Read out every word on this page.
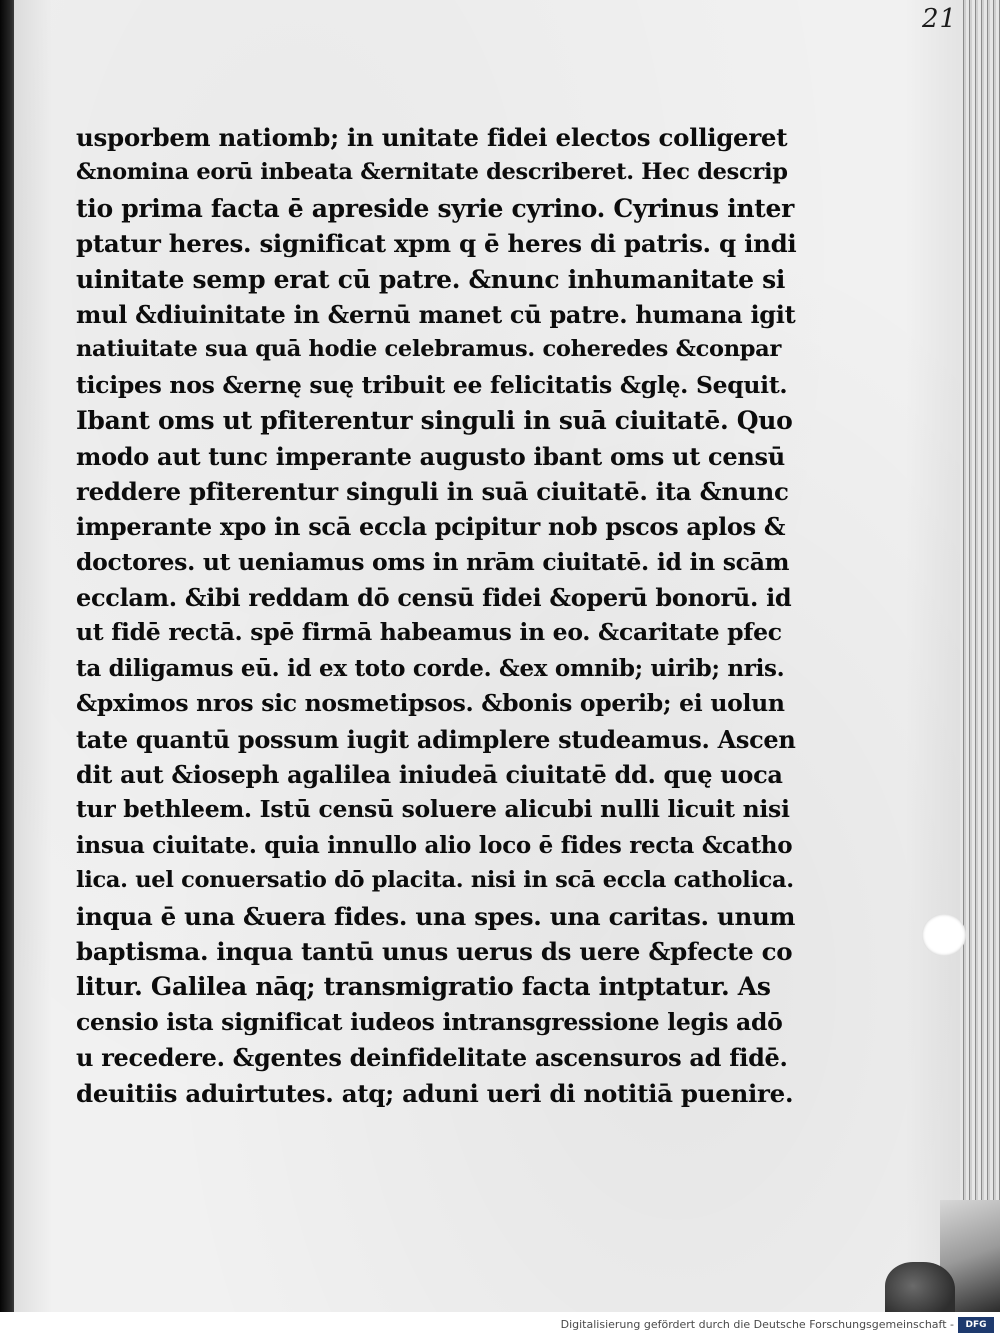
usporbem natiomb; in unitate fidei electos colligeret
&nomina eorū inbeata &ernitate describeret. Hec descrip
tio prima facta ē apreside syrie cyrino. Cyrinus inter
ptatur heres. significat xpm q ē heres di patris. q indi
uinitate semp erat cū patre. &nunc inhumanitate si
mul &diuinitate in &ernū manet cū patre. humana igit
natiuitate sua quā hodie celebramus. coheredes &conpar
ticipes nos &ernę suę tribuit ee felicitatis &glę. Sequit.
Ibant oms ut pfiterentur singuli in suā ciuitatē. Quo
modo aut tunc imperante augusto ibant oms ut censū
reddere pfiterentur singuli in suā ciuitatē. ita &nunc
imperante xpo in scā eccla pcipitur nob pscos aplos &
doctores. ut ueniamus oms in nrām ciuitatē. id in scām
ecclam. &ibi reddam dō censū fidei &operū bonorū. id
ut fidē rectā. spē firmā habeamus in eo. &caritate pfec
ta diligamus eū. id ex toto corde. &ex omnib; uirib; nris.
&pximos nros sic nosmetipsos. &bonis operib; ei uolun
tate quantū possum iugit adimplere studeamus. Ascen
dit aut &ioseph agalilea iniudeā ciuitatē dd. quę uoca
tur bethleem. Istū censū soluere alicubi nulli licuit nisi
insua ciuitate. quia innullo alio loco ē fides recta &catho
lica. uel conuersatio dō placita. nisi in scā eccla catholica.
inqua ē una &uera fides. una spes. una caritas. unum
baptisma. inqua tantū unus uerus ds uere &pfecte co
litur. Galilea nāq; transmigratio facta intptatur. As
censio ista significat iudeos intransgressione legis adō
u recedere. &gentes deinfidelitate ascensuros ad fidē.
deuitiis aduirtutes. atq; aduni ueri di notitiā puenire.
21
Digitalisierung gefördert durch die Deutsche Forschungsgemeinschaft -	DFG
